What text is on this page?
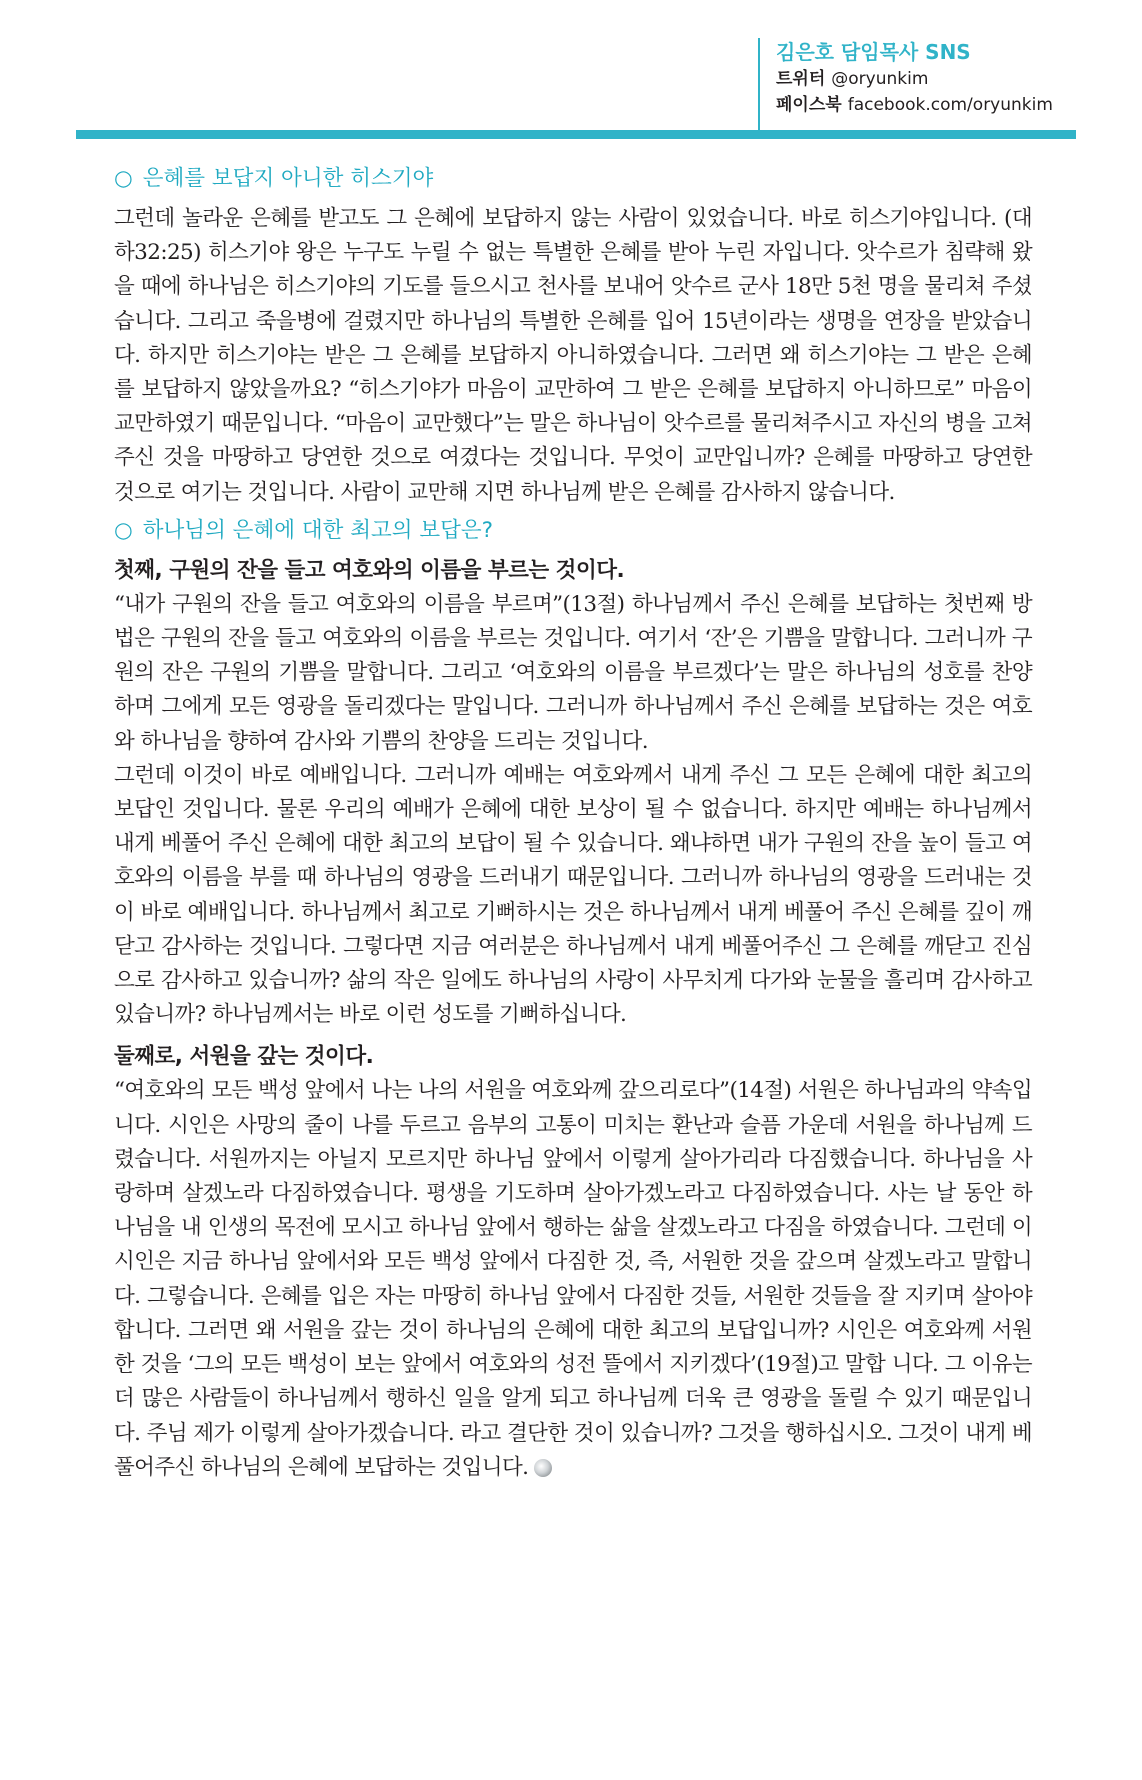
김은호 담임목사 SNS
트위터 @oryunkim
페이스북 facebook.com/oryunkim
○ 은혜를 보답지 아니한 히스기야

그런데 놀라운 은혜를 받고도 그 은혜에 보답하지 않는 사람이 있었습니다. 바로 히스기야입니다. (대하32:25) 히스기야 왕은 누구도 누릴 수 없는 특별한 은혜를 받아 누린 자입니다. 앗수르가 침략해 왔을 때에 하나님은 히스기야의 기도를 들으시고 천사를 보내어 앗수르 군사 18만 5천 명을 물리쳐 주셨습니다. 그리고 죽을병에 걸렸지만 하나님의 특별한 은혜를 입어 15년이라는 생명을 연장을 받았습니다. 하지만 히스기야는 받은 그 은혜를 보답하지 아니하였습니다. 그러면 왜 히스기야는 그 받은 은혜를 보답하지 않았을까요? “히스기야가 마음이 교만하여 그 받은 은혜를 보답하지 아니하므로” 마음이 교만하였기 때문입니다. “마음이 교만했다”는 말은 하나님이 앗수르를 물리쳐주시고 자신의 병을 고쳐 주신 것을 마땅하고 당연한 것으로 여겼다는 것입니다. 무엇이 교만입니까? 은혜를 마땅하고 당연한 것으로 여기는 것입니다. 사람이 교만해 지면 하나님께 받은 은혜를 감사하지 않습니다.

○ 하나님의 은혜에 대한 최고의 보답은?
첫째, 구원의 잔을 들고 여호와의 이름을 부르는 것이다.

“내가 구원의 잔을 들고 여호와의 이름을 부르며”(13절) 하나님께서 주신 은혜를 보답하는 첫번째 방법은 구원의 잔을 들고 여호와의 이름을 부르는 것입니다. 여기서 ‘잔’은 기쁨을 말합니다. 그러니까 구원의 잔은 구원의 기쁨을 말합니다. 그리고 ‘여호와의 이름을 부르겠다’는 말은 하나님의 성호를 찬양하며 그에게 모든 영광을 돌리겠다는 말입니다. 그러니까 하나님께서 주신 은혜를 보답하는 것은 여호와 하나님을 향하여 감사와 기쁨의 찬양을 드리는 것입니다.

그런데 이것이 바로 예배입니다. 그러니까 예배는 여호와께서 내게 주신 그 모든 은혜에 대한 최고의 보답인 것입니다. 물론 우리의 예배가 은혜에 대한 보상이 될 수 없습니다. 하지만 예배는 하나님께서 내게 베풀어 주신 은혜에 대한 최고의 보답이 될 수 있습니다. 왜냐하면 내가 구원의 잔을 높이 들고 여호와의 이름을 부를 때 하나님의 영광을 드러내기 때문입니다. 그러니까 하나님의 영광을 드러내는 것이 바로 예배입니다. 하나님께서 최고로 기뻐하시는 것은 하나님께서 내게 베풀어 주신 은혜를 깊이 깨닫고 감사하는 것입니다. 그렇다면 지금 여러분은 하나님께서 내게 베풀어주신 그 은혜를 깨닫고 진심으로 감사하고 있습니까? 삶의 작은 일에도 하나님의 사랑이 사무치게 다가와 눈물을 흘리며 감사하고 있습니까? 하나님께서는 바로 이런 성도를 기뻐하십니다.

둘째로, 서원을 갚는 것이다.

“여호와의 모든 백성 앞에서 나는 나의 서원을 여호와께 갚으리로다”(14절) 서원은 하나님과의 약속입니다. 시인은 사망의 줄이 나를 두르고 음부의 고통이 미치는 환난과 슬픔 가운데 서원을 하나님께 드렸습니다. 서원까지는 아닐지 모르지만 하나님 앞에서 이렇게 살아가리라 다짐했습니다. 하나님을 사랑하며 살겠노라 다짐하였습니다. 평생을 기도하며 살아가겠노라고 다짐하였습니다. 사는 날 동안 하나님을 내 인생의 목전에 모시고 하나님 앞에서 행하는 삶을 살겠노라고 다짐을 하였습니다. 그런데 이 시인은 지금 하나님 앞에서와 모든 백성 앞에서 다짐한 것, 즉, 서원한 것을 갚으며 살겠노라고 말합니다. 그렇습니다. 은혜를 입은 자는 마땅히 하나님 앞에서 다짐한 것들, 서원한 것들을 잘 지키며 살아야 합니다. 그러면 왜 서원을 갚는 것이 하나님의 은혜에 대한 최고의 보답입니까? 시인은 여호와께 서원한 것을 ‘그의 모든 백성이 보는 앞에서 여호와의 성전 뜰에서 지키겠다’(19절)고 말합 니다. 그 이유는 더 많은 사람들이 하나님께서 행하신 일을 알게 되고 하나님께 더욱 큰 영광을 돌릴 수 있기 때문입니다. 주님 제가 이렇게 살아가겠습니다. 라고 결단한 것이 있습니까? 그것을 행하십시오. 그것이 내게 베풀어주신 하나님의 은혜에 보답하는 것입니다.
